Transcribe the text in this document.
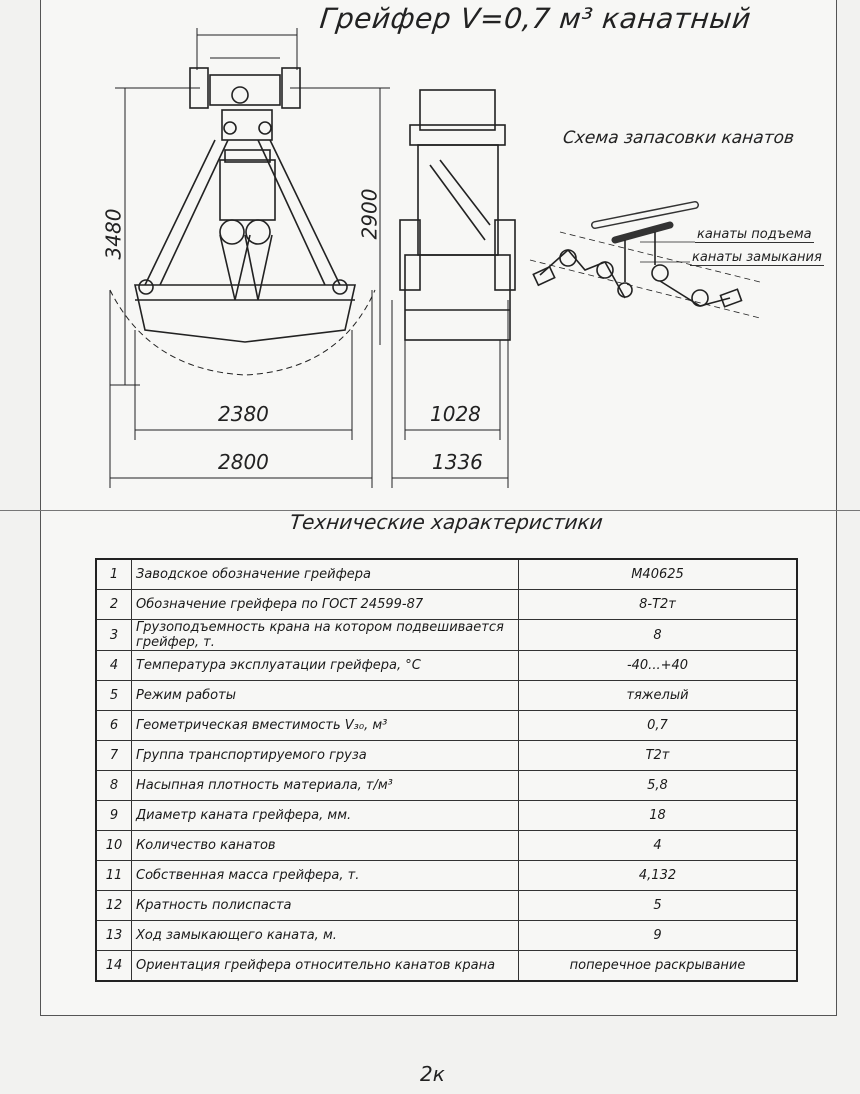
Грейфер V=0,7 м³ канатный
Схема запасовки канатов
канаты подъема
канаты замыкания
3480	2900
2380
2800
1028
1336
Технические характеристики
1	Заводское обозначение грейфера	М40625
2	Обозначение грейфера по ГОСТ 24599-87	8-Т2т
3	Грузоподъемность крана на котором подвешивается грейфер, т.	8
4	Температура эксплуатации грейфера, °С	-40...+40
5	Режим работы	тяжелый
6	Геометрическая вместимость V₃₀, м³	0,7
7	Группа транспортируемого груза	Т2т
8	Насыпная плотность материала, т/м³	5,8
9	Диаметр каната грейфера, мм.	18
10	Количество канатов	4
11	Собственная масса грейфера, т.	4,132
12	Кратность полиспаста	5
13	Ход замыкающего каната, м.	9
14	Ориентация грейфера относительно канатов крана	поперечное раскрывание
2к
